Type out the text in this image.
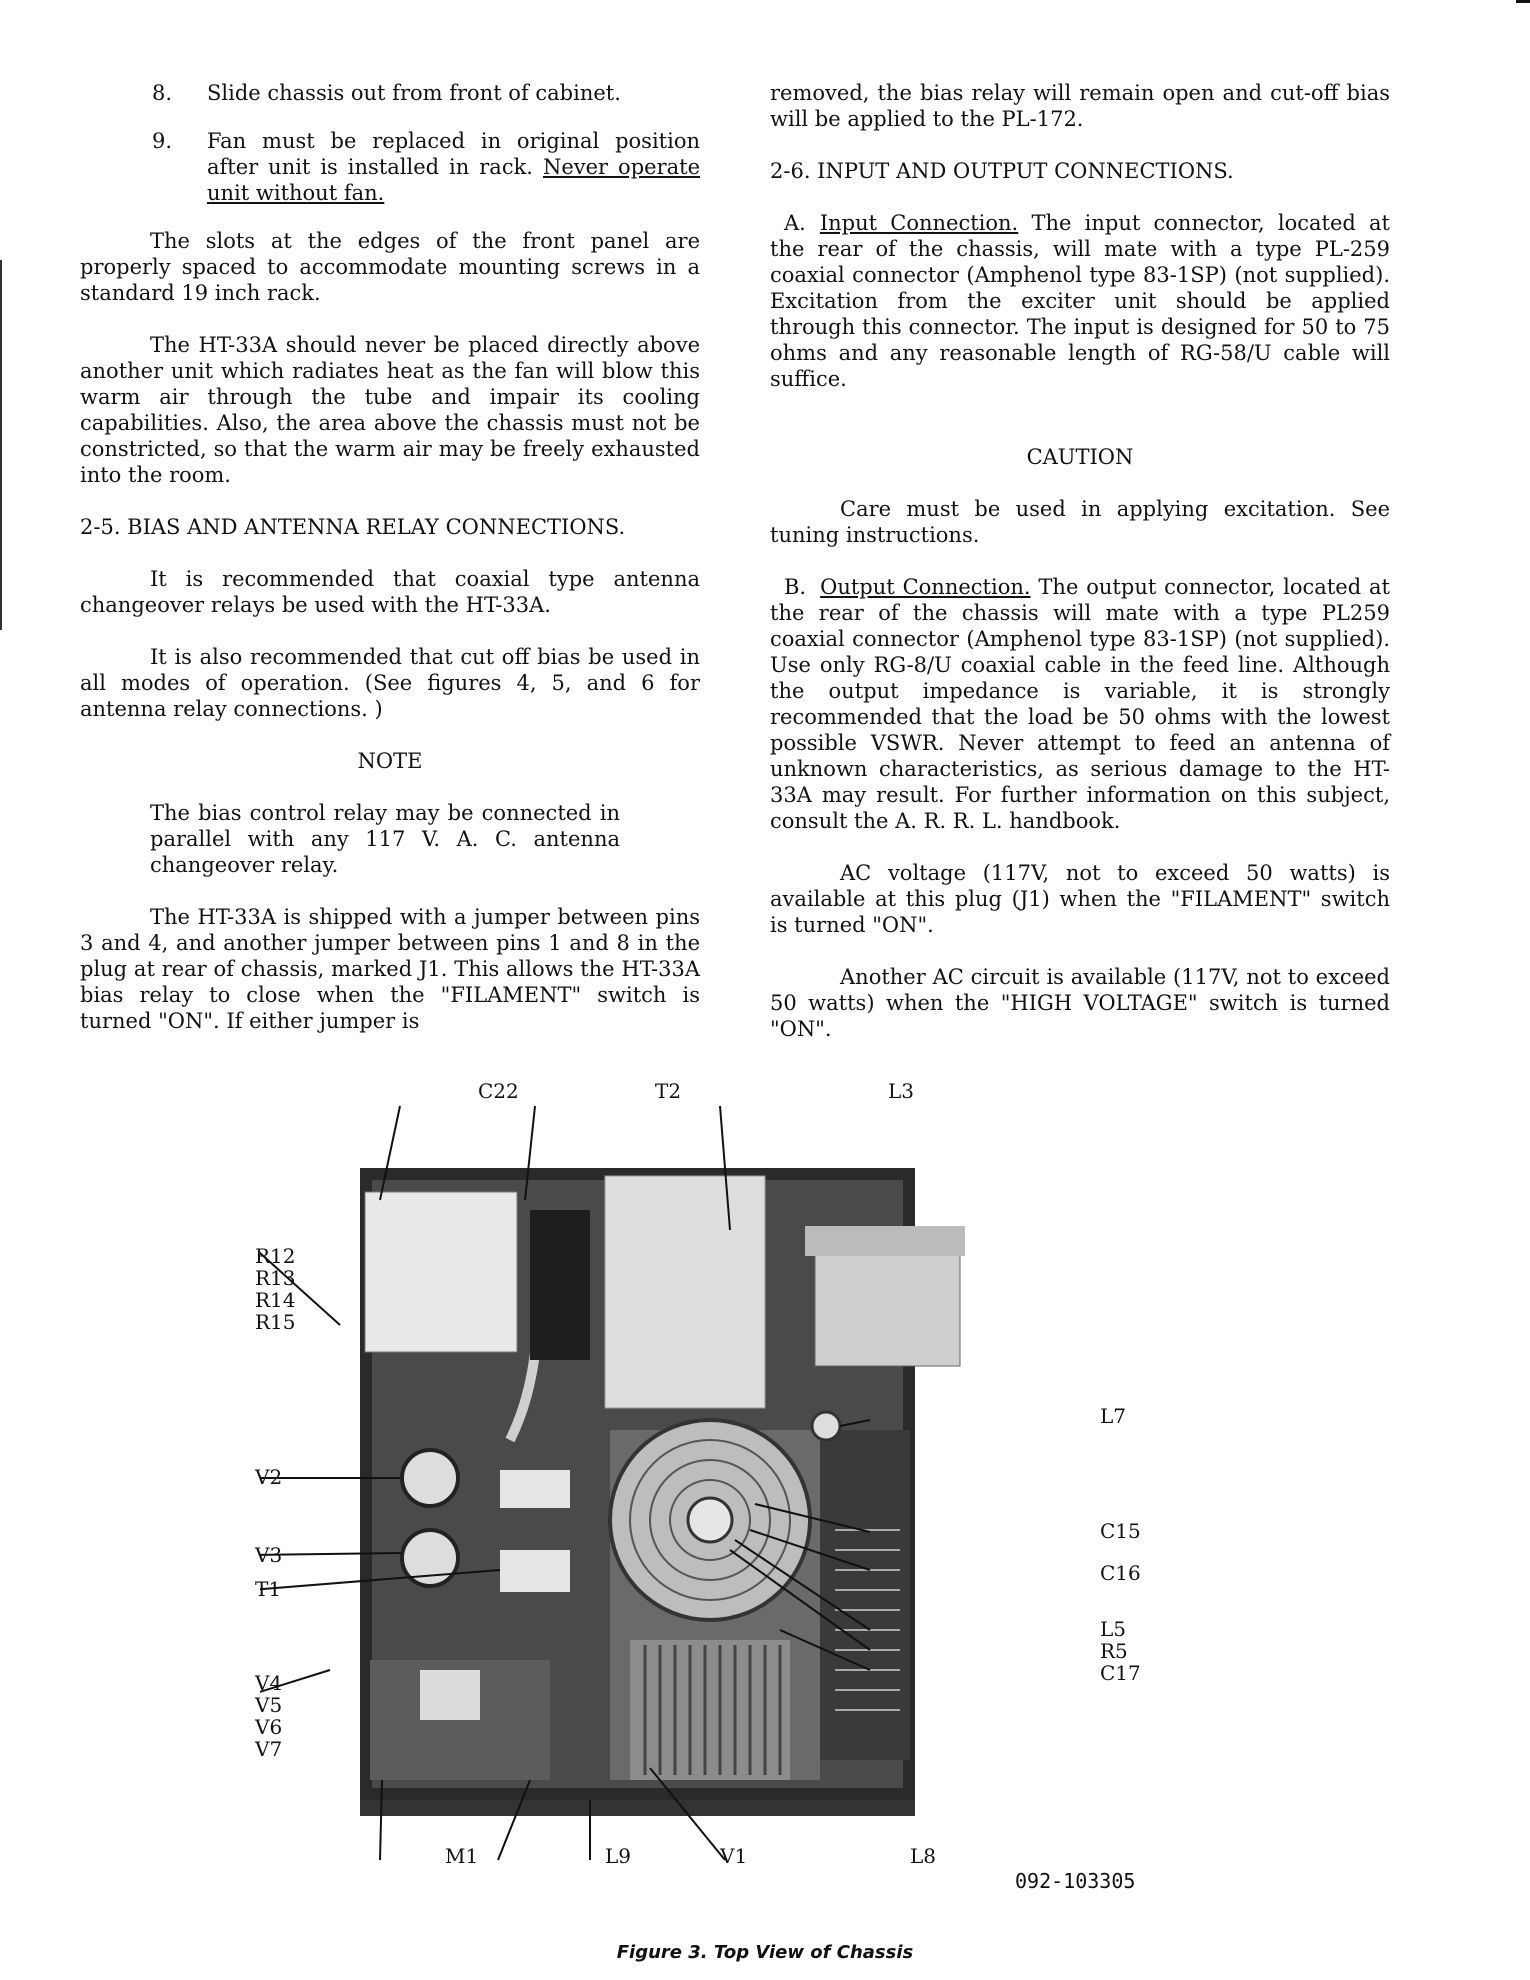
8.	Slide chassis out from front of cabinet.
9.	Fan must be replaced in original position after unit is installed in rack. Never operate unit without fan.

The slots at the edges of the front panel are properly spaced to accommodate mounting screws in a standard 19 inch rack.

The HT-33A should never be placed directly above another unit which radiates heat as the fan will blow this warm air through the tube and impair its cooling capabilities. Also, the area above the chassis must not be constricted, so that the warm air may be freely exhausted into the room.

2-5. BIAS AND ANTENNA RELAY CONNECTIONS.

It is recommended that coaxial type antenna changeover relays be used with the HT-33A.

It is also recommended that cut off bias be used in all modes of operation. (See figures 4, 5, and 6 for antenna relay connections. )

NOTE

The bias control relay may be connected in parallel with any 117 V. A. C. antenna changeover relay.

The HT-33A is shipped with a jumper between pins 3 and 4, and another jumper between pins 1 and 8 in the plug at rear of chassis, marked J1. This allows the HT-33A bias relay to close when the "FILAMENT" switch is turned "ON". If either jumper is

removed, the bias relay will remain open and cut-off bias will be applied to the PL-172.

2-6. INPUT AND OUTPUT CONNECTIONS.

A. Input Connection. The input connector, located at the rear of the chassis, will mate with a type PL-259 coaxial connector (Amphenol type 83-1SP) (not supplied). Excitation from the exciter unit should be applied through this connector. The input is designed for 50 to 75 ohms and any reasonable length of RG-58/U cable will suffice.

CAUTION

Care must be used in applying excitation. See tuning instructions.

B. Output Connection. The output connector, located at the rear of the chassis will mate with a type PL259 coaxial connector (Amphenol type 83-1SP) (not supplied). Use only RG-8/U coaxial cable in the feed line. Although the output impedance is variable, it is strongly recommended that the load be 50 ohms with the lowest possible VSWR. Never attempt to feed an antenna of unknown characteristics, as serious damage to the HT-33A may result. For further information on this subject, consult the A. R. R. L. handbook.

AC voltage (117V, not to exceed 50 watts) is available at this plug (J1) when the "FILAMENT" switch is turned "ON".

Another AC circuit is available (117V, not to exceed 50 watts) when the "HIGH VOLTAGE" switch is turned "ON".

C22	T2	L3
R12
R13
R14
R15
L7
V2
C15
V3
C16
T1
L5
R5
C17
V4
V5
V6
V7
M1	L9	V1	L8
092-103305
Figure 3. Top View of Chassis
